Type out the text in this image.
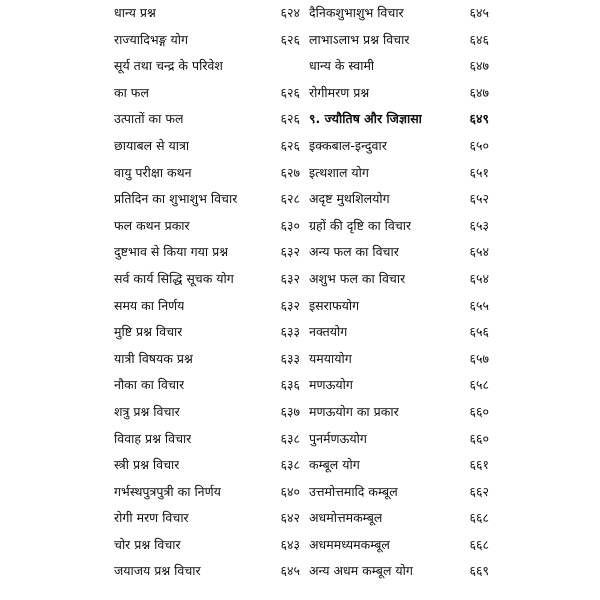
धान्य प्रश्न	६२४
राज्यादिभङ्ग योग	६२६
सूर्य तथा चन्द्र के परिवेश
का फल	६२६
उत्पातों का फल	६२६
छायाबल से यात्रा	६२६
वायु परीक्षा कथन	६२७
प्रतिदिन का शुभाशुभ विचार	६२८
फल कथन प्रकार	६३०
दुष्टभाव से किया गया प्रश्न	६३२
सर्व कार्य सिद्धि सूचक योग	६३२
समय का निर्णय	६३२
मुष्टि प्रश्न विचार	६३३
यात्री विषयक प्रश्न	६३३
नौका का विचार	६३६
शत्रु प्रश्न विचार	६३७
विवाह प्रश्न विचार	६३८
स्त्री प्रश्न विचार	६३८
गर्भस्थपुत्रपुत्री का निर्णय	६४०
रोगी मरण विचार	६४२
चोर प्रश्न विचार	६४३
जयाजय प्रश्न विचार	६४५
दैनिकशुभाशुभ विचार	६४५
लाभाऽलाभ प्रश्न विचार	६४६
धान्य के स्वामी	६४७
रोगीमरण प्रश्न	६४७
९. ज्यौतिष और जिज्ञासा	६४९
इक्कबाल-इन्दुवार	६५०
इत्थशाल योग	६५१
अदृष्ट मुथशिलयोग	६५२
ग्रहों की दृष्टि का विचार	६५३
अन्य फल का विचार	६५४
अशुभ फल का विचार	६५४
इसराफयोग	६५५
नक्तयोग	६५६
यमयायोग	६५७
मणऊयोग	६५८
मणऊयोग का प्रकार	६६०
पुनर्मणऊयोग	६६०
कम्बूल योग	६६१
उत्तमोत्तमादि कम्बूल	६६२
अधमोत्तमकम्बूल	६६८
अधममध्यमकम्बूल	६६८
अन्य अधम कम्बूल योग	६६९
